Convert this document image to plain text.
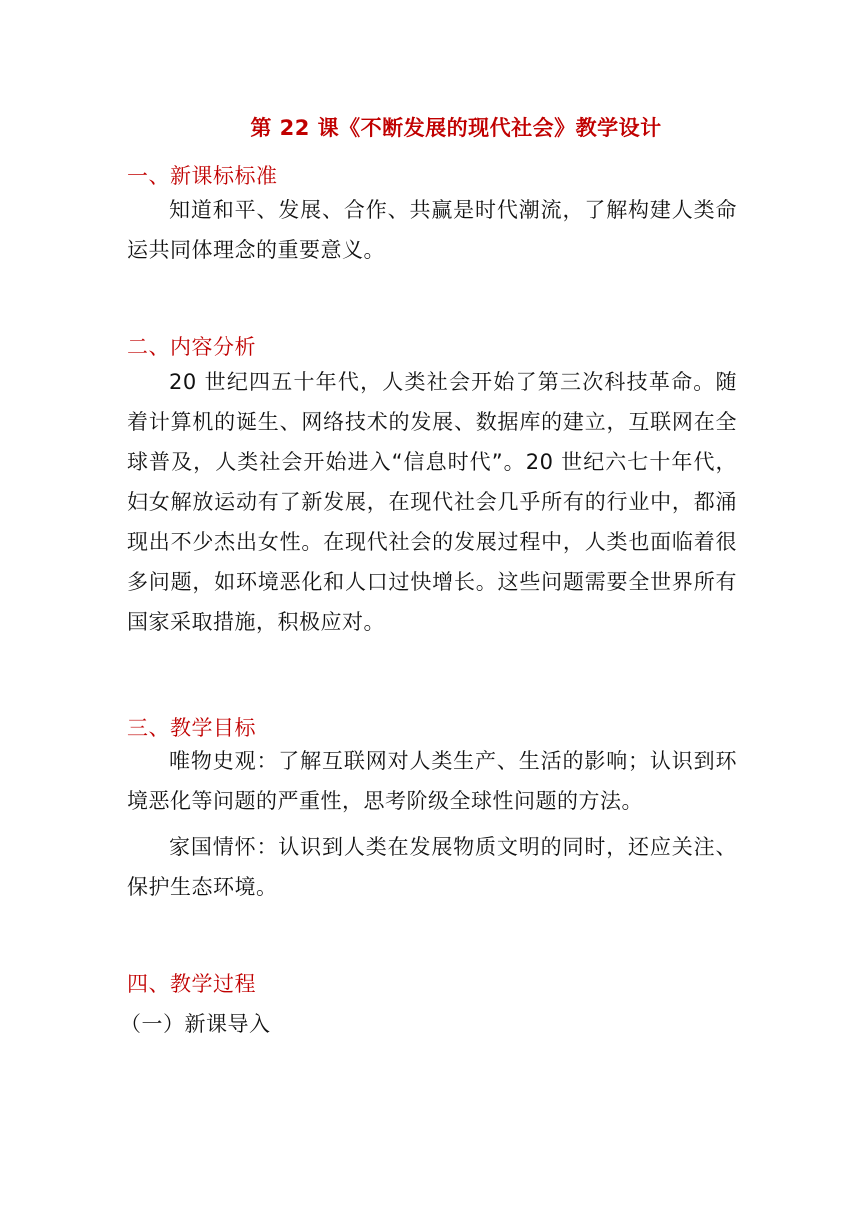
第 22 课《不断发展的现代社会》教学设计
一、新课标标准
知道和平、发展、合作、共赢是时代潮流，了解构建人类命运共同体理念的重要意义。
二、内容分析
20 世纪四五十年代，人类社会开始了第三次科技革命。随着计算机的诞生、网络技术的发展、数据库的建立，互联网在全球普及，人类社会开始进入“信息时代”。20 世纪六七十年代，妇女解放运动有了新发展，在现代社会几乎所有的行业中，都涌现出不少杰出女性。在现代社会的发展过程中，人类也面临着很多问题，如环境恶化和人口过快增长。这些问题需要全世界所有国家采取措施，积极应对。
三、教学目标
唯物史观：了解互联网对人类生产、生活的影响；认识到环境恶化等问题的严重性，思考阶级全球性问题的方法。
家国情怀：认识到人类在发展物质文明的同时，还应关注、保护生态环境。
四、教学过程
（一）新课导入
